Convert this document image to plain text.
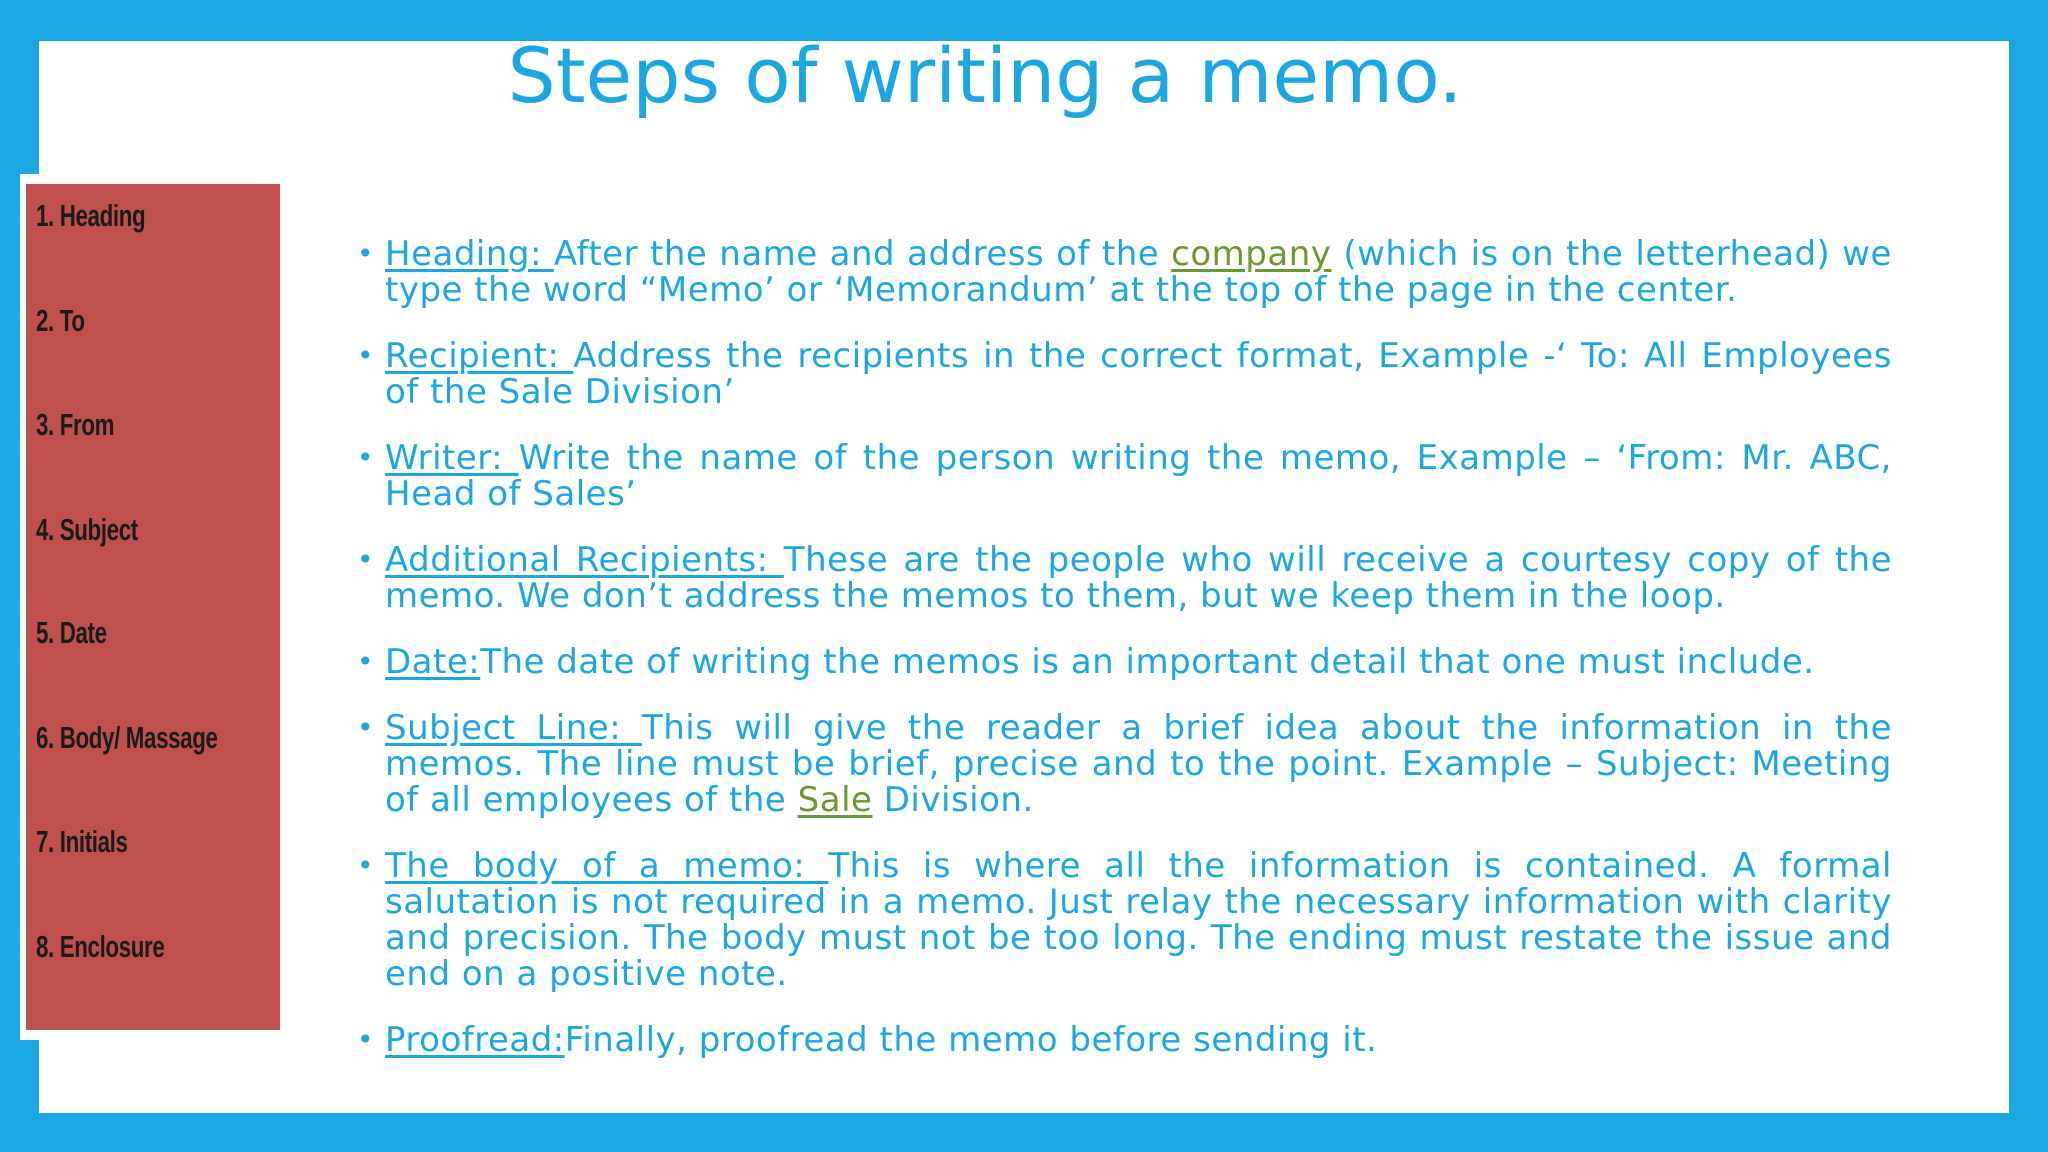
Steps of writing a memo.
1. Heading
2. To
3. From
4. Subject
5. Date
6. Body/ Massage
7. Initials
8. Enclosure
• Heading: After the name and address of the company (which is on the letterhead) we type the word “Memo’ or ‘Memorandum’ at the top of the page in the center.
• Recipient: Address the recipients in the correct format, Example -‘ To: All Employees of the Sale Division’
• Writer: Write the name of the person writing the memo, Example – ‘From: Mr. ABC, Head of Sales’
• Additional Recipients: These are the people who will receive a courtesy copy of the memo. We don’t address the memos to them, but we keep them in the loop.
• Date:The date of writing the memos is an important detail that one must include.
• Subject Line: This will give the reader a brief idea about the information in the memos. The line must be brief, precise and to the point. Example – Subject: Meeting of all employees of the Sale Division.
• The body of a memo: This is where all the information is contained. A formal salutation is not required in a memo. Just relay the necessary information with clarity and precision. The body must not be too long. The ending must restate the issue and end on a positive note.
• Proofread:Finally, proofread the memo before sending it.
